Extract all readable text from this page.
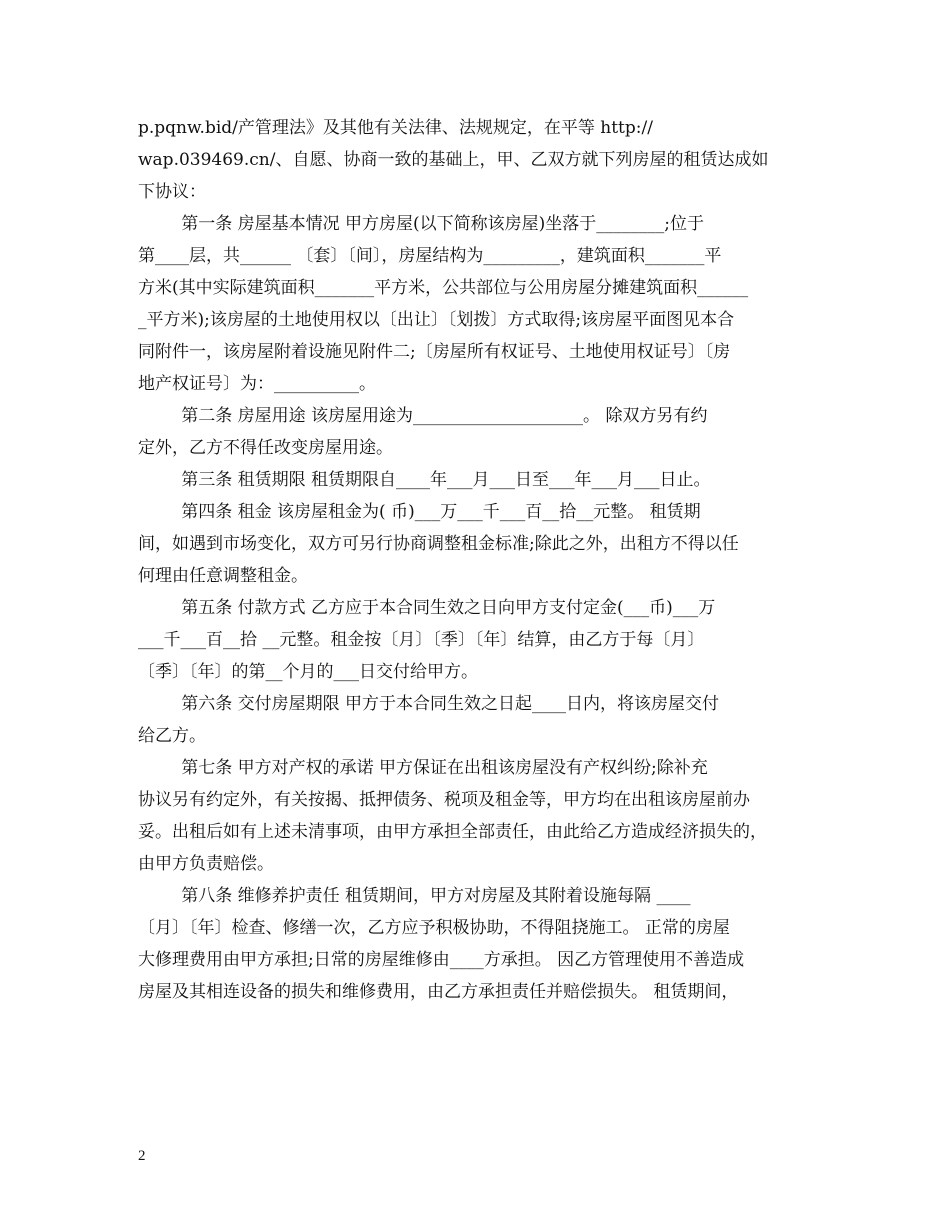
p.pqnw.bid/产管理法》及其他有关法律、法规规定，在平等 http://
wap.039469.cn/、自愿、协商一致的基础上，甲、乙双方就下列房屋的租赁达成如
下协议：
第一条 房屋基本情况 甲方房屋(以下简称该房屋)坐落于________;位于
第____层，共______ 〔套〕〔间〕，房屋结构为_________，建筑面积_______平
方米(其中实际建筑面积_______平方米，公共部位与公用房屋分摊建筑面积______
_平方米);该房屋的土地使用权以〔出让〕〔划拨〕方式取得;该房屋平面图见本合
同附件一，该房屋附着设施见附件二;〔房屋所有权证号、土地使用权证号〕〔房
地产权证号〕为：__________。
第二条 房屋用途 该房屋用途为____________________。 除双方另有约
定外，乙方不得任改变房屋用途。
第三条 租赁期限 租赁期限自____年___月___日至___年___月___日止。
第四条 租金 该房屋租金为( 币)___万___千___百__拾__元整。 租赁期
间，如遇到市场变化，双方可另行协商调整租金标准;除此之外，出租方不得以任
何理由任意调整租金。
第五条 付款方式 乙方应于本合同生效之日向甲方支付定金(___币)___万
___千___百__拾 __元整。租金按〔月〕〔季〕〔年〕结算，由乙方于每〔月〕
〔季〕〔年〕的第__个月的___日交付给甲方。
第六条 交付房屋期限 甲方于本合同生效之日起____日内，将该房屋交付
给乙方。
第七条 甲方对产权的承诺 甲方保证在出租该房屋没有产权纠纷;除补充
协议另有约定外，有关按揭、抵押债务、税项及租金等，甲方均在出租该房屋前办
妥。出租后如有上述未清事项，由甲方承担全部责任，由此给乙方造成经济损失的，
由甲方负责赔偿。
第八条 维修养护责任 租赁期间，甲方对房屋及其附着设施每隔 ____
〔月〕〔年〕检查、修缮一次，乙方应予积极协助，不得阻挠施工。 正常的房屋
大修理费用由甲方承担;日常的房屋维修由____方承担。 因乙方管理使用不善造成
房屋及其相连设备的损失和维修费用，由乙方承担责任并赔偿损失。 租赁期间，
2
